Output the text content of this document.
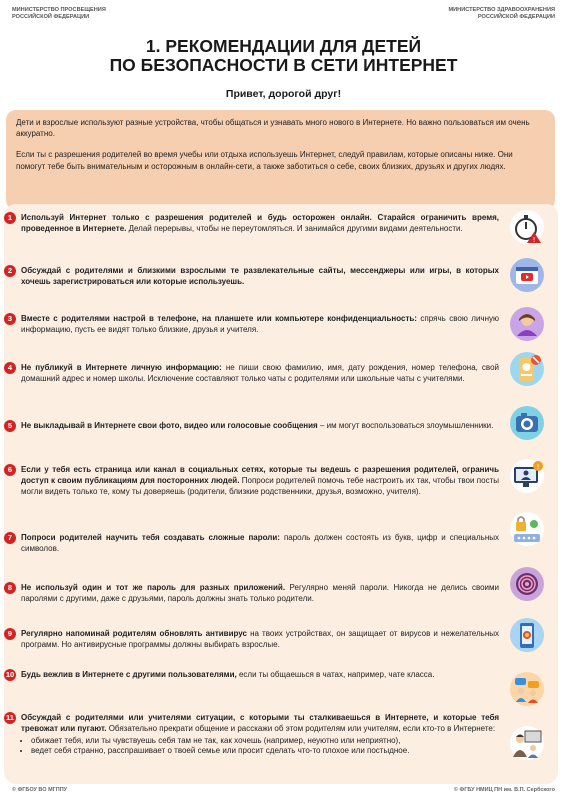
МИНИСТЕРСТВО ПРОСВЕЩЕНИЯ
РОССИЙСКОЙ ФЕДЕРАЦИИ
МИНИСТЕРСТВО ЗДРАВООХРАНЕНИЯ
РОССИЙСКОЙ ФЕДЕРАЦИИ
1. РЕКОМЕНДАЦИИ ДЛЯ ДЕТЕЙ
ПО БЕЗОПАСНОСТИ В СЕТИ ИНТЕРНЕТ
Привет, дорогой друг!

Дети и взрослые используют разные устройства, чтобы общаться и узнавать много нового в Интернете. Но важно пользоваться им очень аккуратно.

Если ты с разрешения родителей во время учебы или отдыха используешь Интернет, следуй правилам, которые описаны ниже. Они помогут тебе быть внимательным и осторожным в онлайн-сети, а также заботиться о себе, своих близких, друзьях и других людях.

1	Используй Интернет только с разрешения родителей и будь осторожен онлайн. Старайся ограничить время, проведенное в Интернете. Делай перерывы, чтобы не переутомляться. И занимайся другими видами деятельности.
!
2	Обсуждай с родителями и близкими взрослыми те развлекательные сайты, мессенджеры или игры, в которых хочешь зарегистрироваться или которые используешь.
3	Вместе с родителями настрой в телефоне, на планшете или компьютере конфиденциальность: спрячь свою личную информацию, пусть ее видят только близкие, друзья и учителя.
4	Не публикуй в Интернете личную информацию: не пиши свою фамилию, имя, дату рождения, номер телефона, свой домашний адрес и номер школы. Исключение составляют только чаты с родителями или школьные чаты с учителями.
5	Не выкладывай в Интернете свои фото, видео или голосовые сообщения – им могут воспользоваться злоумышленники.
6	Если у тебя есть страница или канал в социальных сетях, которые ты ведешь с разрешения родителей, ограничь доступ к своим публикациям для посторонних людей. Попроси родителей помочь тебе настроить их так, чтобы твои посты могли видеть только те, кому ты доверяешь (родители, близкие родственники, друзья, возможно, учителя).
!
7	Попроси родителей научить тебя создавать сложные пароли: пароль должен состоять из букв, цифр и специальных символов.
8	Не используй один и тот же пароль для разных приложений. Регулярно меняй пароли. Никогда не делись своими паролями с другими, даже с друзьями, пароль должны знать только родители.
9	Регулярно напоминай родителям обновлять антивирус на твоих устройствах, он защищает от вирусов и нежелательных программ. Но антивирусные программы должны выбирать взрослые.
10 Будь вежлив в Интернете с другими пользователями, если ты общаешься в чатах, например, чате класса.
11 Обсуждай с родителями или учителями ситуации, с которыми ты сталкиваешься в Интернете, и которые тебя тревожат или пугают. Обязательно прекрати общение и расскажи об этом родителям или учителям, если кто-то в Интернете:
• обижает тебя, или ты чувствуешь себя там не так, как хочешь (например, неуютно или неприятно),
• ведет себя странно, расспрашивает о твоей семье или просит сделать что-то плохое или постыдное.
© ФГБОУ ВО МГППУ	© ФГБУ НМИЦ ПН им. В.П. Сербского
